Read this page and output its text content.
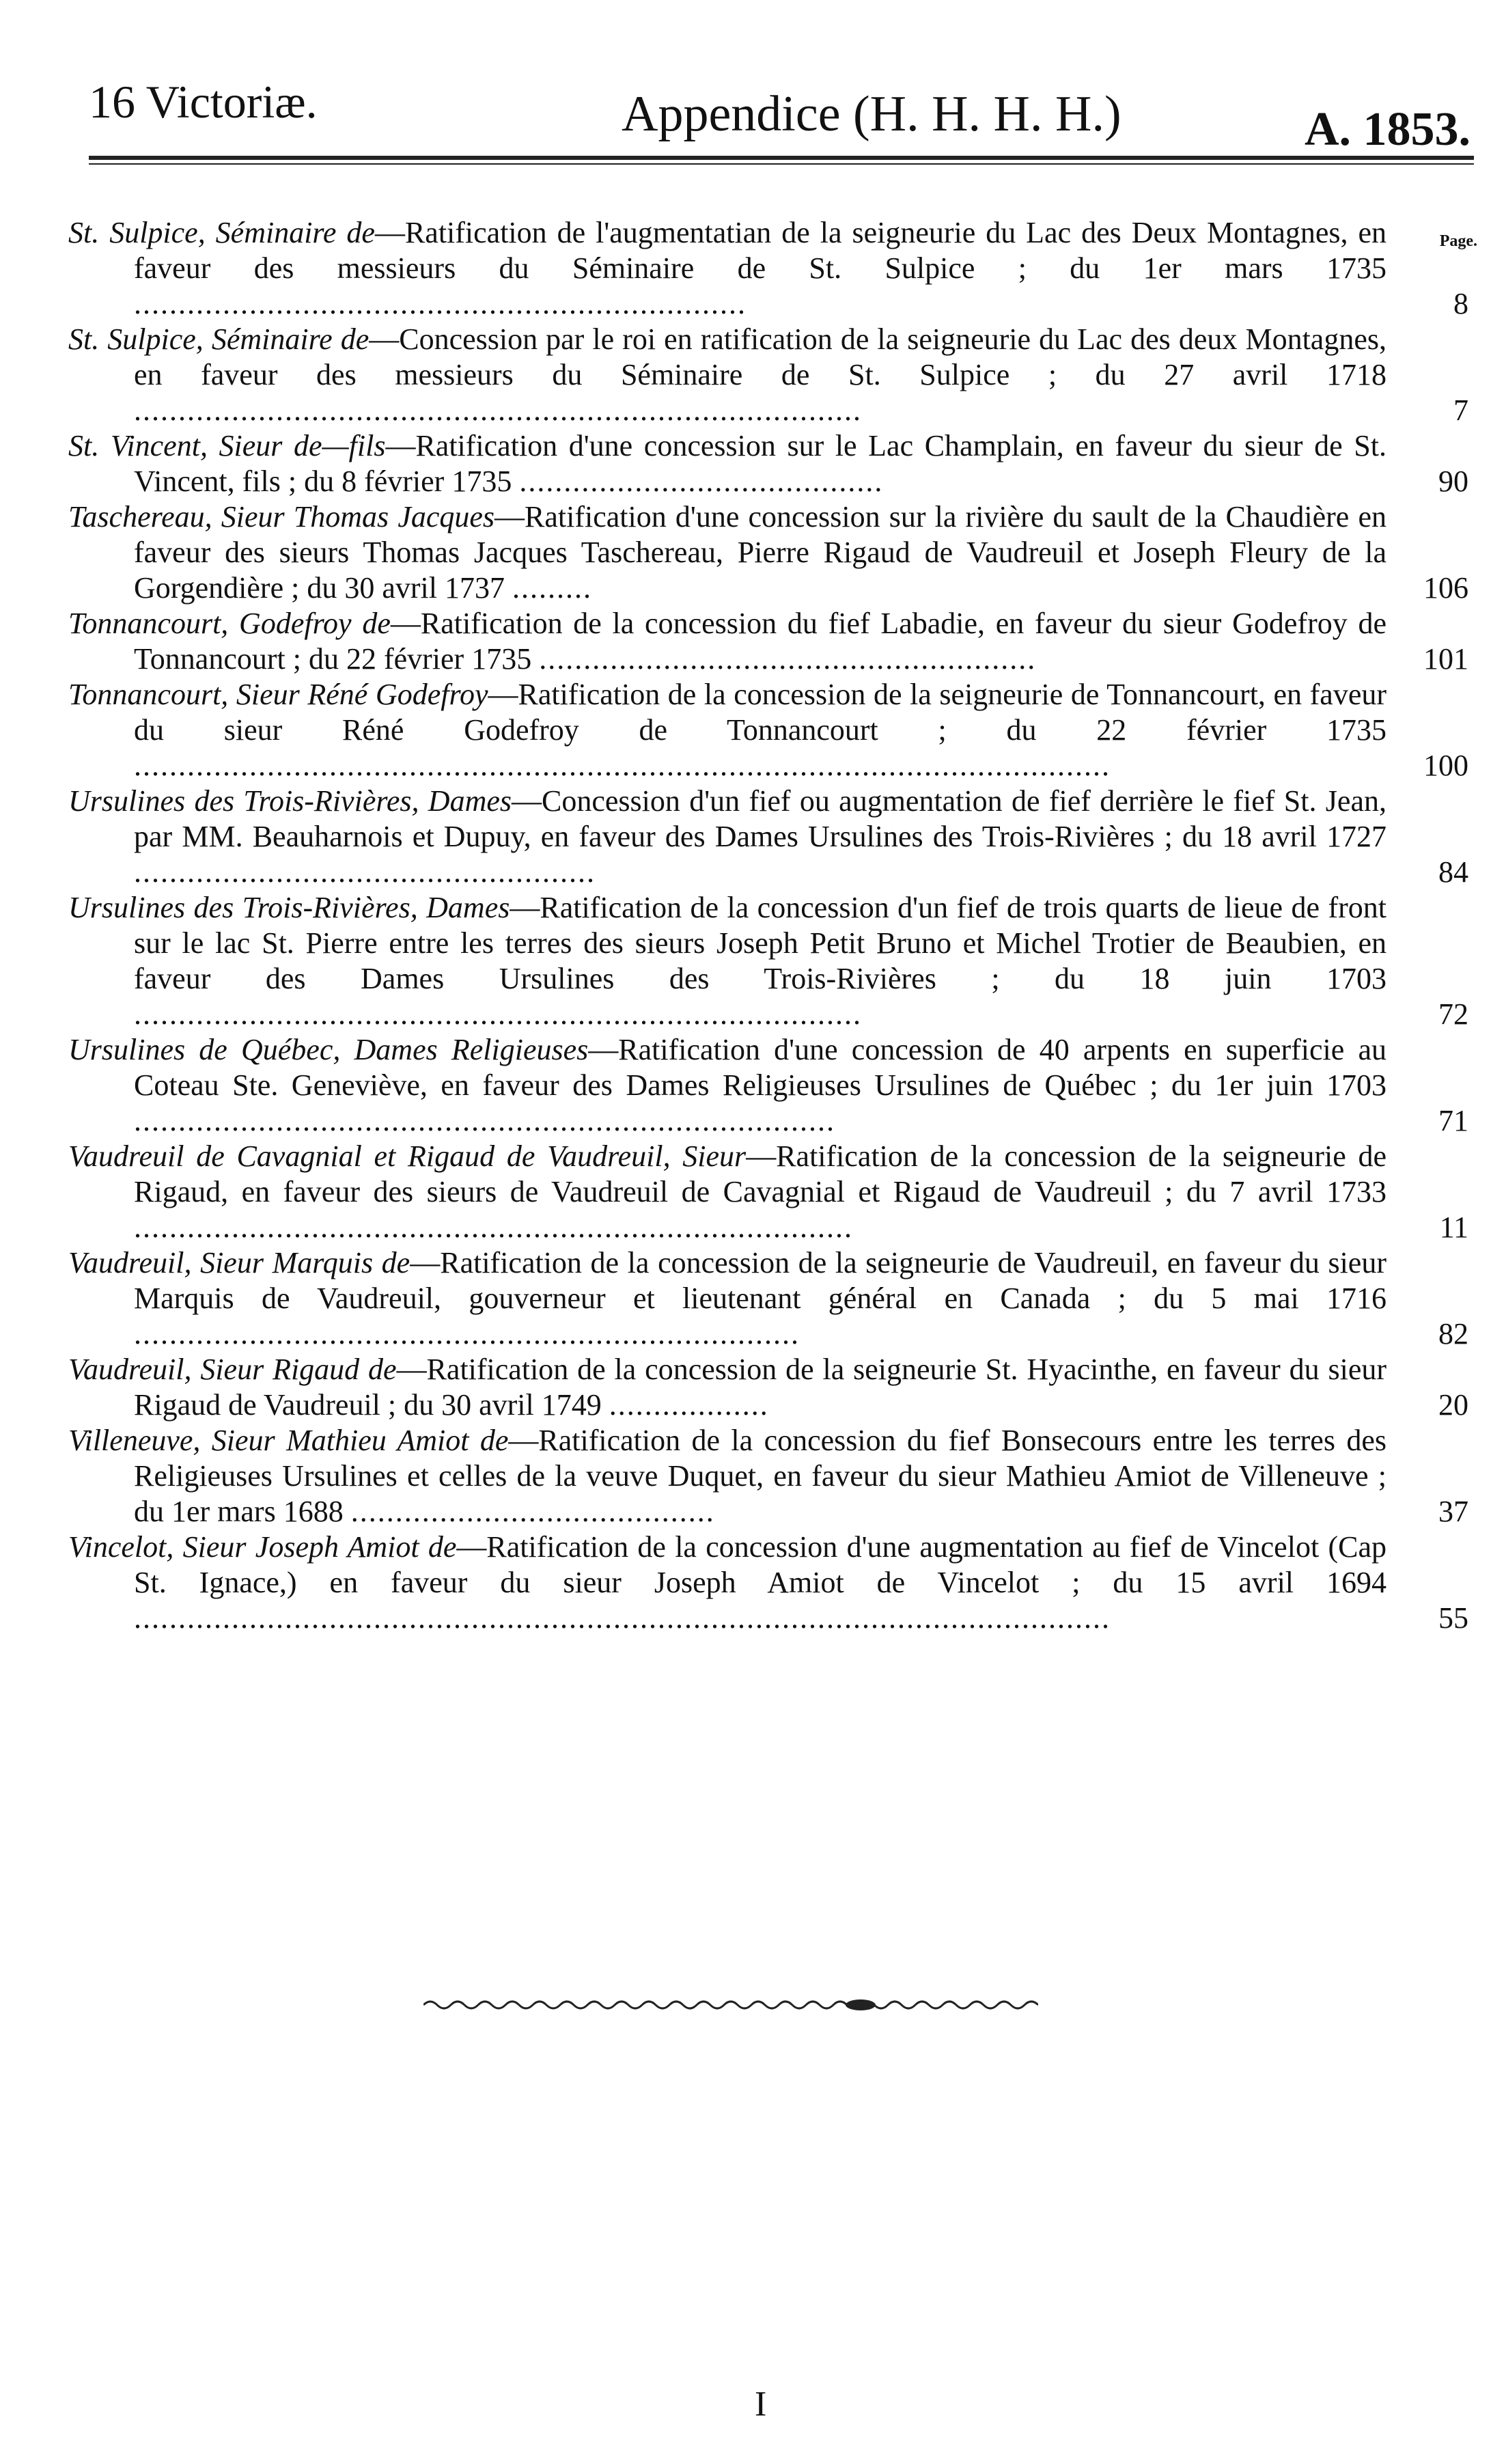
16 Victoriæ.	Appendice (H. H. H. H.)	A. 1853.
Page.
St. Sulpice, Séminaire de—Ratification de l'augmentatian de la seigneurie du Lac des Deux Montagnes, en faveur des messieurs du Séminaire de St. Sulpice ; du 1er mars 1735 .....................................................................	8
St. Sulpice, Séminaire de—Concession par le roi en ratification de la seigneurie du Lac des deux Montagnes, en faveur des messieurs du Séminaire de St. Sulpice ; du 27 avril 1718 ..................................................................................	7
St. Vincent, Sieur de—fils—Ratification d'une concession sur le Lac Champlain, en faveur du sieur de St. Vincent, fils ; du 8 février 1735 .........................................	90
Taschereau, Sieur Thomas Jacques—Ratification d'une concession sur la rivière du sault de la Chaudière en faveur des sieurs Thomas Jacques Taschereau, Pierre Rigaud de Vaudreuil et Joseph Fleury de la Gorgendière ; du 30 avril 1737 .........	106
Tonnancourt, Godefroy de—Ratification de la concession du fief Labadie, en faveur du sieur Godefroy de Tonnancourt ; du 22 février 1735 ........................................................	101
Tonnancourt, Sieur Réné Godefroy—Ratification de la concession de la seigneurie de Tonnancourt, en faveur du sieur Réné Godefroy de Tonnancourt ; du 22 février 1735 ..............................................................................................................	100
Ursulines des Trois-Rivières, Dames—Concession d'un fief ou augmentation de fief derrière le fief St. Jean, par MM. Beauharnois et Dupuy, en faveur des Dames Ursulines des Trois-Rivières ; du 18 avril 1727 ....................................................	84
Ursulines des Trois-Rivières, Dames—Ratification de la concession d'un fief de trois quarts de lieue de front sur le lac St. Pierre entre les terres des sieurs Joseph Petit Bruno et Michel Trotier de Beaubien, en faveur des Dames Ursulines des Trois-Rivières ; du 18 juin 1703 ..................................................................................	72
Ursulines de Québec, Dames Religieuses—Ratification d'une concession de 40 arpents en superficie au Coteau Ste. Geneviève, en faveur des Dames Religieuses Ursulines de Québec ; du 1er juin 1703 ...............................................................................	71
Vaudreuil de Cavagnial et Rigaud de Vaudreuil, Sieur—Ratification de la concession de la seigneurie de Rigaud, en faveur des sieurs de Vaudreuil de Cavagnial et Rigaud de Vaudreuil ; du 7 avril 1733 .................................................................................	11
Vaudreuil, Sieur Marquis de—Ratification de la concession de la seigneurie de Vaudreuil, en faveur du sieur Marquis de Vaudreuil, gouverneur et lieutenant général en Canada ; du 5 mai 1716 ...........................................................................	82
Vaudreuil, Sieur Rigaud de—Ratification de la concession de la seigneurie St. Hyacinthe, en faveur du sieur Rigaud de Vaudreuil ; du 30 avril 1749 ..................	20
Villeneuve, Sieur Mathieu Amiot de—Ratification de la concession du fief Bonsecours entre les terres des Religieuses Ursulines et celles de la veuve Duquet, en faveur du sieur Mathieu Amiot de Villeneuve ; du 1er mars 1688 .........................................	37
Vincelot, Sieur Joseph Amiot de—Ratification de la concession d'une augmentation au fief de Vincelot (Cap St. Ignace,) en faveur du sieur Joseph Amiot de Vincelot ; du 15 avril 1694 ..............................................................................................................	55
I
